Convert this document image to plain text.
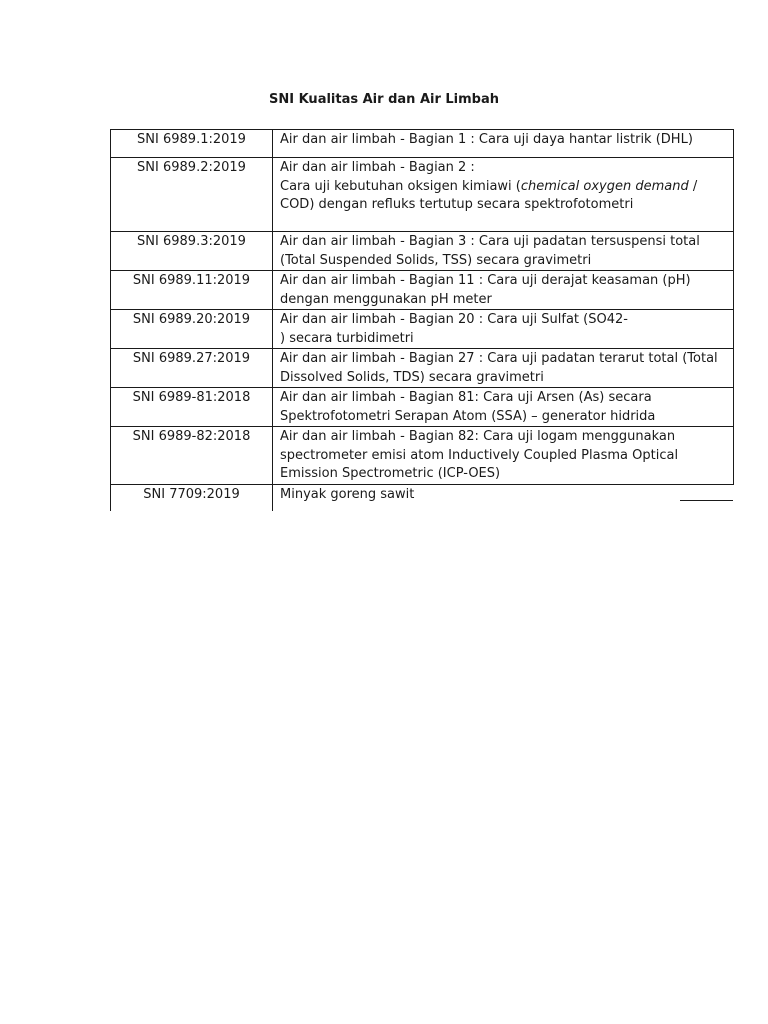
SNI Kualitas Air dan Air Limbah
SNI 6989.1:2019	Air dan air limbah - Bagian 1 : Cara uji daya hantar listrik (DHL)
SNI 6989.2:2019	Air dan air limbah - Bagian 2 :
Cara uji kebutuhan oksigen kimiawi (chemical oxygen demand / COD) dengan refluks tertutup secara spektrofotometri
SNI 6989.3:2019	Air dan air limbah - Bagian 3 : Cara uji padatan tersuspensi total (Total Suspended Solids, TSS) secara gravimetri
SNI 6989.11:2019	Air dan air limbah - Bagian 11 : Cara uji derajat keasaman (pH) dengan menggunakan pH meter
SNI 6989.20:2019	Air dan air limbah - Bagian 20 : Cara uji Sulfat (SO42-
) secara turbidimetri
SNI 6989.27:2019	Air dan air limbah - Bagian 27 : Cara uji padatan terarut total (Total Dissolved Solids, TDS) secara gravimetri
SNI 6989-81:2018	Air dan air limbah - Bagian 81: Cara uji Arsen (As) secara Spektrofotometri Serapan Atom (SSA) – generator hidrida
SNI 6989-82:2018	Air dan air limbah - Bagian 82: Cara uji logam menggunakan spectrometer emisi atom Inductively Coupled Plasma Optical Emission Spectrometric (ICP-OES)
SNI 7709:2019	Minyak goreng sawit
